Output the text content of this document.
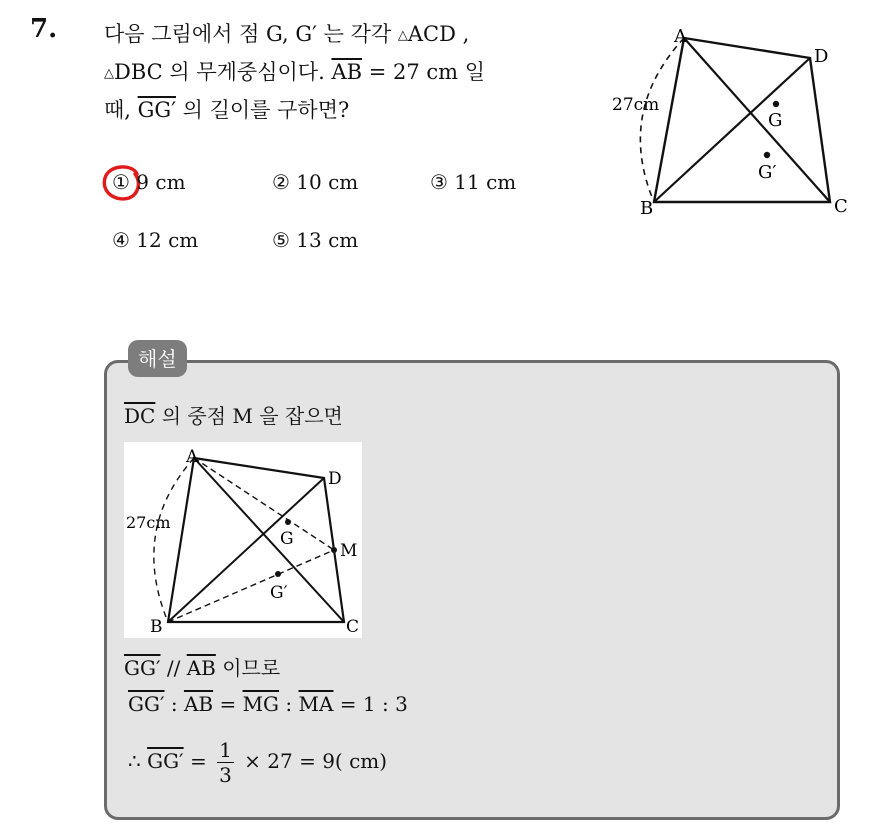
7. 다음 그림에서 점 G, G′ 는 각각 △ACD ,
△DBC 의 무게중심이다. $\overline{AB} = 27$ cm 일
때, GG′ 의 길이를 구하면?
A
B	C
D
G
G′
27cm
① 9 cm	② 10 cm	③ 11 cm
④ 12 cm	⑤ 13 cm
해설
$\overline{DC}$ 의 중점 M 을 잡으면
A
B	C
D
G
G′
M
27cm
$GG' // \overline{AB}$ 이므로
GG′ : $\overline{AB} = \overline{MG}$ : $\overline{MA} = 1$ : 3
∴ $GG' = \frac{1}{3} \times 27 = 9$( cm)
